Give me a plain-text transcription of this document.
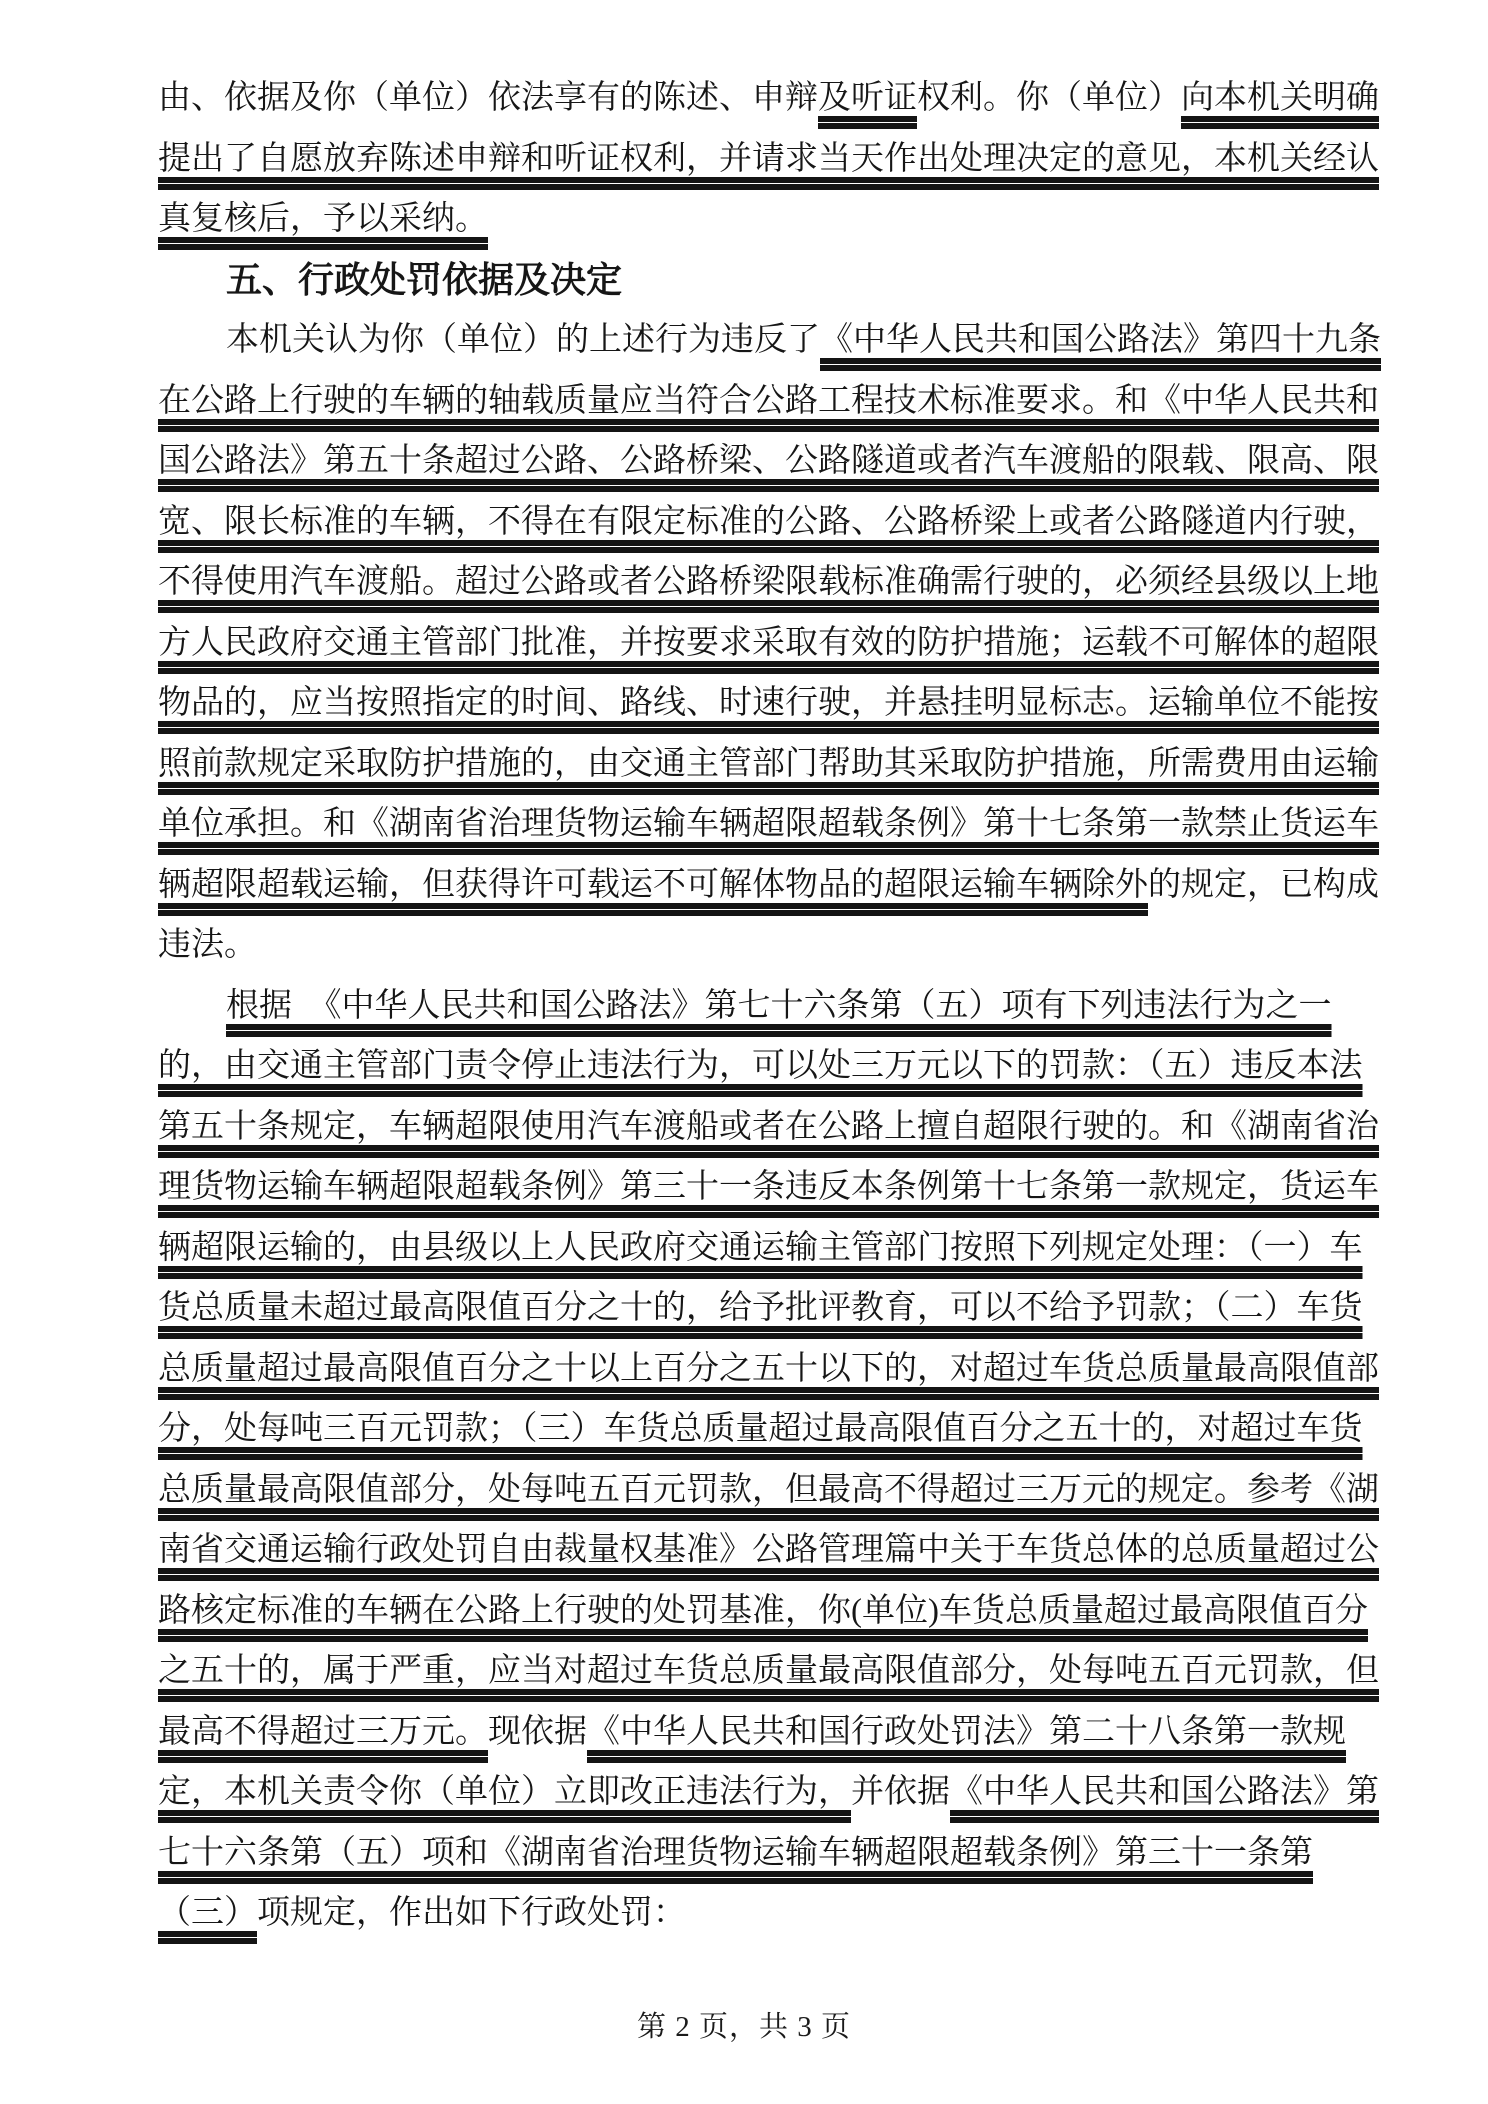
由、依据及你（单位）依法享有的陈述、申辩及听证权利。你（单位）向本机关明确
提出了自愿放弃陈述申辩和听证权利，并请求当天作出处理决定的意见，本机关经认
真复核后，予以采纳。
五、行政处罚依据及决定
本机关认为你（单位）的上述行为违反了《中华人民共和国公路法》第四十九条
在公路上行驶的车辆的轴载质量应当符合公路工程技术标准要求。和《中华人民共和
国公路法》第五十条超过公路、公路桥梁、公路隧道或者汽车渡船的限载、限高、限
宽、限长标准的车辆，不得在有限定标准的公路、公路桥梁上或者公路隧道内行驶，
不得使用汽车渡船。超过公路或者公路桥梁限载标准确需行驶的，必须经县级以上地
方人民政府交通主管部门批准，并按要求采取有效的防护措施；运载不可解体的超限
物品的，应当按照指定的时间、路线、时速行驶，并悬挂明显标志。运输单位不能按
照前款规定采取防护措施的，由交通主管部门帮助其采取防护措施，所需费用由运输
单位承担。和《湖南省治理货物运输车辆超限超载条例》第十七条第一款禁止货运车
辆超限超载运输，但获得许可载运不可解体物品的超限运输车辆除外的规定，已构成
违法。
根据　《中华人民共和国公路法》第七十六条第（五）项有下列违法行为之一
的，由交通主管部门责令停止违法行为，可以处三万元以下的罚款：（五）违反本法
第五十条规定，车辆超限使用汽车渡船或者在公路上擅自超限行驶的。和《湖南省治
理货物运输车辆超限超载条例》第三十一条违反本条例第十七条第一款规定，货运车
辆超限运输的，由县级以上人民政府交通运输主管部门按照下列规定处理：（一）车
货总质量未超过最高限值百分之十的，给予批评教育，可以不给予罚款；（二）车货
总质量超过最高限值百分之十以上百分之五十以下的，对超过车货总质量最高限值部
分，处每吨三百元罚款；（三）车货总质量超过最高限值百分之五十的，对超过车货
总质量最高限值部分，处每吨五百元罚款，但最高不得超过三万元的规定。参考《湖
南省交通运输行政处罚自由裁量权基准》公路管理篇中关于车货总体的总质量超过公
路核定标准的车辆在公路上行驶的处罚基准，你(单位)车货总质量超过最高限值百分
之五十的，属于严重，应当对超过车货总质量最高限值部分，处每吨五百元罚款，但
最高不得超过三万元。现依据《中华人民共和国行政处罚法》第二十八条第一款规
定，本机关责令你（单位）立即改正违法行为，并依据《中华人民共和国公路法》第
七十六条第（五）项和《湖南省治理货物运输车辆超限超载条例》第三十一条第
（三）项规定，作出如下行政处罚：
第 2 页，共 3 页
